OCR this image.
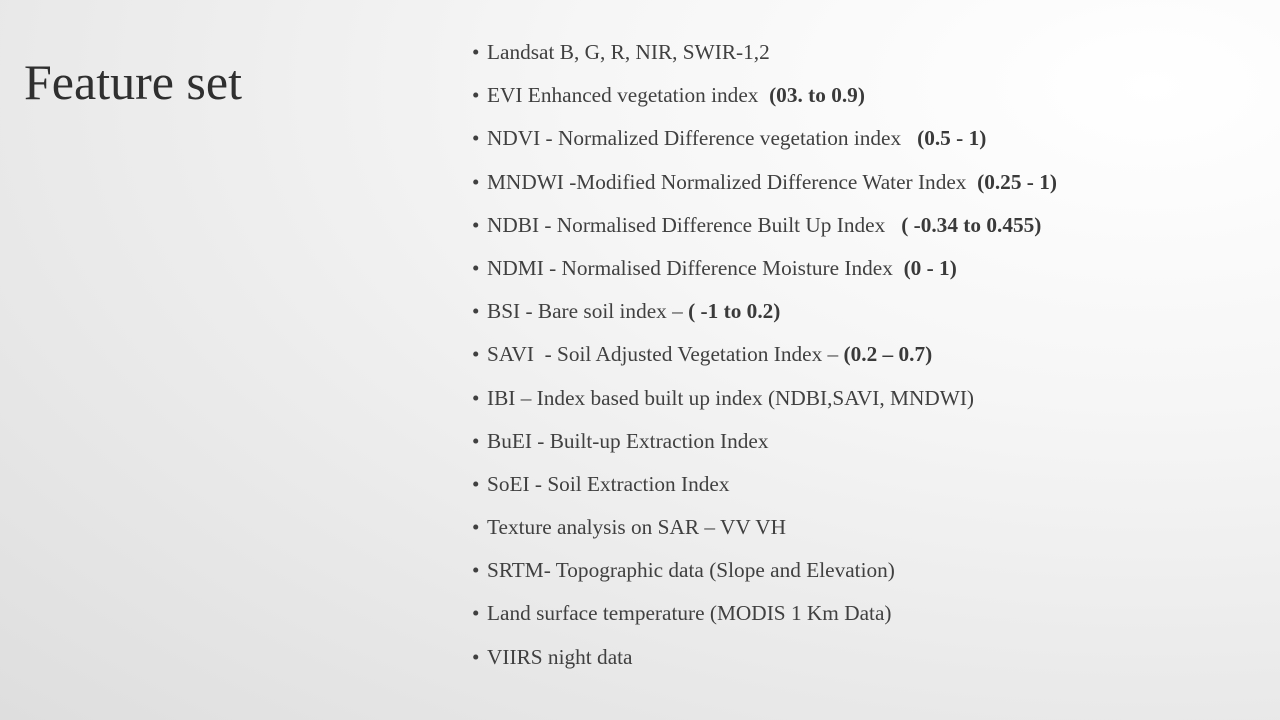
Feature set
• Landsat B, G, R, NIR, SWIR-1,2
• EVI Enhanced vegetation index  (03. to 0.9)
• NDVI - Normalized Difference vegetation index   (0.5 - 1)
• MNDWI -Modified Normalized Difference Water Index  (0.25 - 1)
• NDBI - Normalised Difference Built Up Index   ( -0.34 to 0.455)
• NDMI - Normalised Difference Moisture Index  (0 - 1)
• BSI - Bare soil index – ( -1 to 0.2)
• SAVI  - Soil Adjusted Vegetation Index – (0.2 – 0.7)
• IBI – Index based built up index (NDBI,SAVI, MNDWI)
• BuEI - Built-up Extraction Index
• SoEI - Soil Extraction Index
• Texture analysis on SAR – VV VH
• SRTM- Topographic data (Slope and Elevation)
• Land surface temperature (MODIS 1 Km Data)
• VIIRS night data
